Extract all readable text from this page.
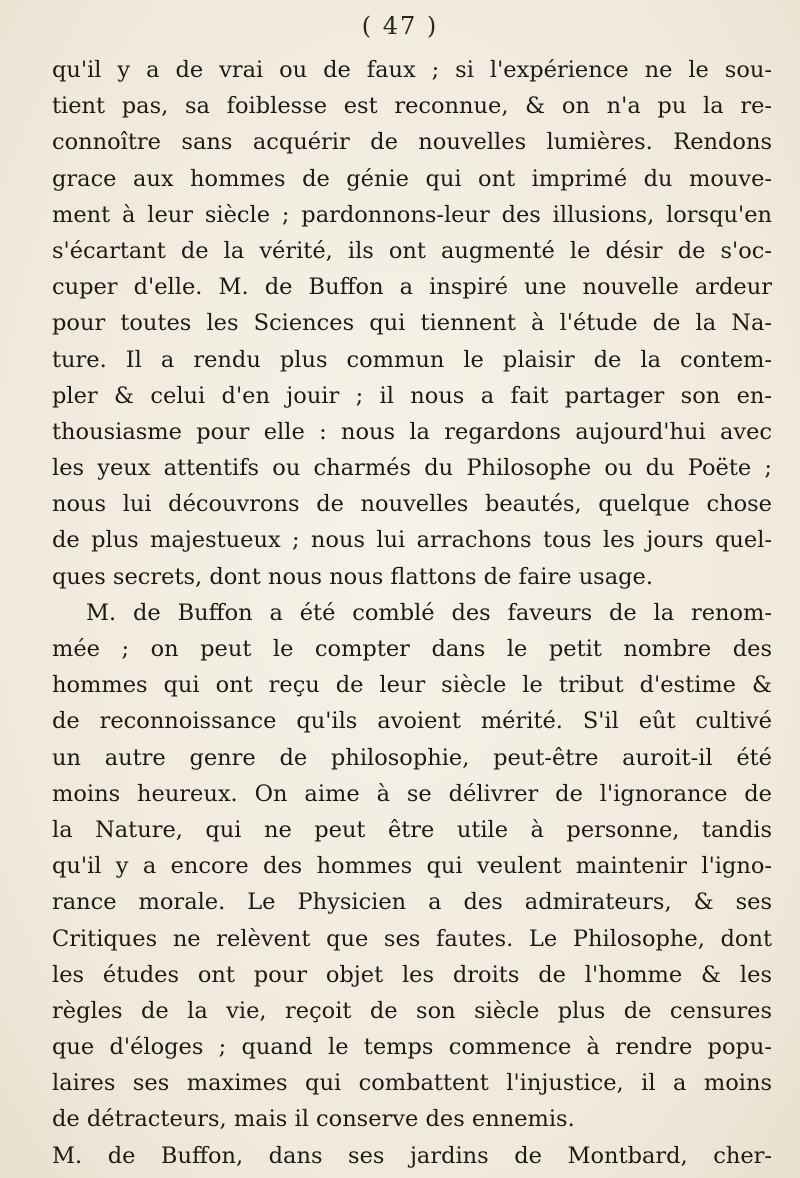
( 47 )
qu'il y a de vrai ou de faux ; si l'expérience ne le sou-
tient pas, sa foiblesse est reconnue, & on n'a pu la re-
connoître sans acquérir de nouvelles lumières. Rendons
grace aux hommes de génie qui ont imprimé du mouve-
ment à leur siècle ; pardonnons-leur des illusions, lorsqu'en
s'écartant de la vérité, ils ont augmenté le désir de s'oc-
cuper d'elle. M. de Buffon a inspiré une nouvelle ardeur
pour toutes les Sciences qui tiennent à l'étude de la Na-
ture. Il a rendu plus commun le plaisir de la contem-
pler & celui d'en jouir ; il nous a fait partager son en-
thousiasme pour elle : nous la regardons aujourd'hui avec
les yeux attentifs ou charmés du Philosophe ou du Poëte ;
nous lui découvrons de nouvelles beautés, quelque chose
de plus majestueux ; nous lui arrachons tous les jours quel-
ques secrets, dont nous nous flattons de faire usage.
M. de Buffon a été comblé des faveurs de la renom-
mée ; on peut le compter dans le petit nombre des
hommes qui ont reçu de leur siècle le tribut d'estime &
de reconnoissance qu'ils avoient mérité. S'il eût cultivé
un autre genre de philosophie, peut-être auroit-il été
moins heureux. On aime à se délivrer de l'ignorance de
la Nature, qui ne peut être utile à personne, tandis
qu'il y a encore des hommes qui veulent maintenir l'igno-
rance morale. Le Physicien a des admirateurs, & ses
Critiques ne relèvent que ses fautes. Le Philosophe, dont
les études ont pour objet les droits de l'homme & les
règles de la vie, reçoit de son siècle plus de censures
que d'éloges ; quand le temps commence à rendre popu-
laires ses maximes qui combattent l'injustice, il a moins
de détracteurs, mais il conserve des ennemis.
M. de Buffon, dans ses jardins de Montbard, cher-
